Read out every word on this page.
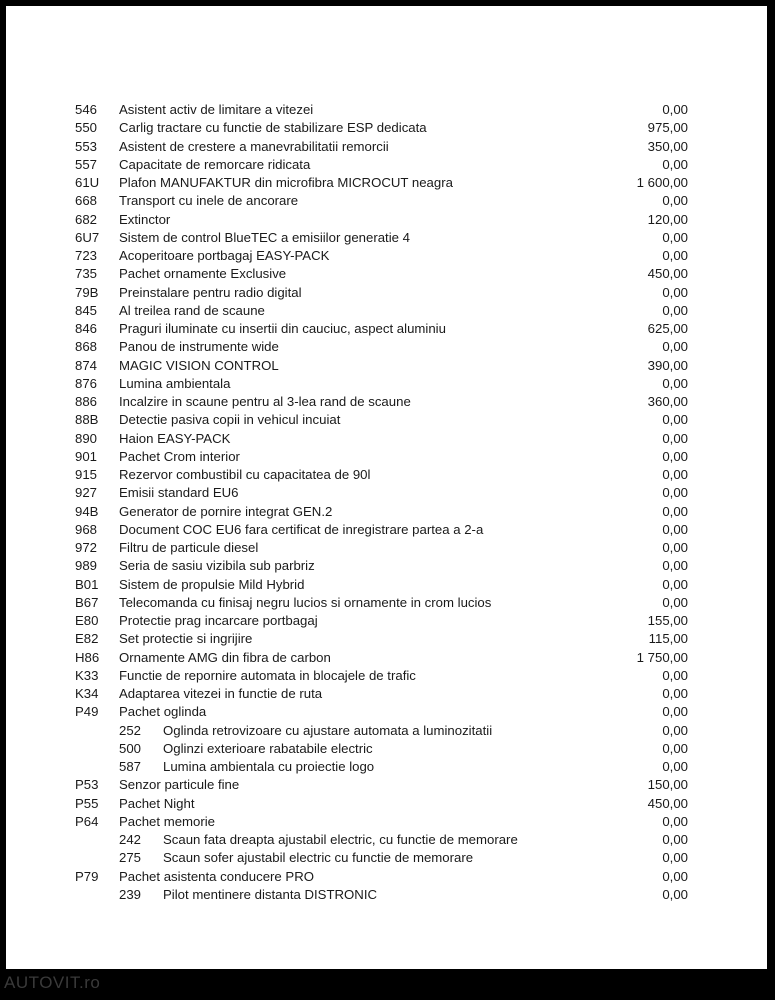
546 Asistent activ de limitare a vitezei	0,00
550 Carlig tractare cu functie de stabilizare ESP dedicata	975,00
553 Asistent de crestere a manevrabilitatii remorcii	350,00
557 Capacitate de remorcare ridicata	0,00
61U Plafon MANUFAKTUR din microfibra MICROCUT neagra	1 600,00
668 Transport cu inele de ancorare	0,00
682 Extinctor	120,00
6U7 Sistem de control BlueTEC a emisiilor generatie 4	0,00
723 Acoperitoare portbagaj EASY-PACK	0,00
735 Pachet ornamente Exclusive	450,00
79B Preinstalare pentru radio digital	0,00
845 Al treilea rand de scaune	0,00
846 Praguri iluminate cu insertii din cauciuc, aspect aluminiu	625,00
868 Panou de instrumente wide	0,00
874 MAGIC VISION CONTROL	390,00
876 Lumina ambientala	0,00
886 Incalzire in scaune pentru al 3-lea rand de scaune	360,00
88B Detectie pasiva copii in vehicul incuiat	0,00
890 Haion EASY-PACK	0,00
901 Pachet Crom interior	0,00
915 Rezervor combustibil cu capacitatea de 90l	0,00
927 Emisii standard EU6	0,00
94B Generator de pornire integrat GEN.2	0,00
968 Document COC EU6 fara certificat de inregistrare partea a 2-a	0,00
972 Filtru de particule diesel	0,00
989 Seria de sasiu vizibila sub parbriz	0,00
B01 Sistem de propulsie Mild Hybrid	0,00
B67 Telecomanda cu finisaj negru lucios si ornamente in crom lucios	0,00
E80 Protectie prag incarcare portbagaj	155,00
E82 Set protectie si ingrijire	115,00
H86 Ornamente AMG din fibra de carbon	1 750,00
K33 Functie de repornire automata in blocajele de trafic	0,00
K34 Adaptarea vitezei in functie de ruta	0,00
P49 Pachet oglinda	0,00
252 Oglinda retrovizoare cu ajustare automata a luminozitatii	0,00
500 Oglinzi exterioare rabatabile electric	0,00
587 Lumina ambientala cu proiectie logo	0,00
P53 Senzor particule fine	150,00
P55 Pachet Night	450,00
P64 Pachet memorie	0,00
242 Scaun fata dreapta ajustabil electric, cu functie de memorare	0,00
275 Scaun sofer ajustabil electric cu functie de memorare	0,00
P79 Pachet asistenta conducere PRO	0,00
239 Pilot mentinere distanta DISTRONIC	0,00
AUTOVIT.ro
